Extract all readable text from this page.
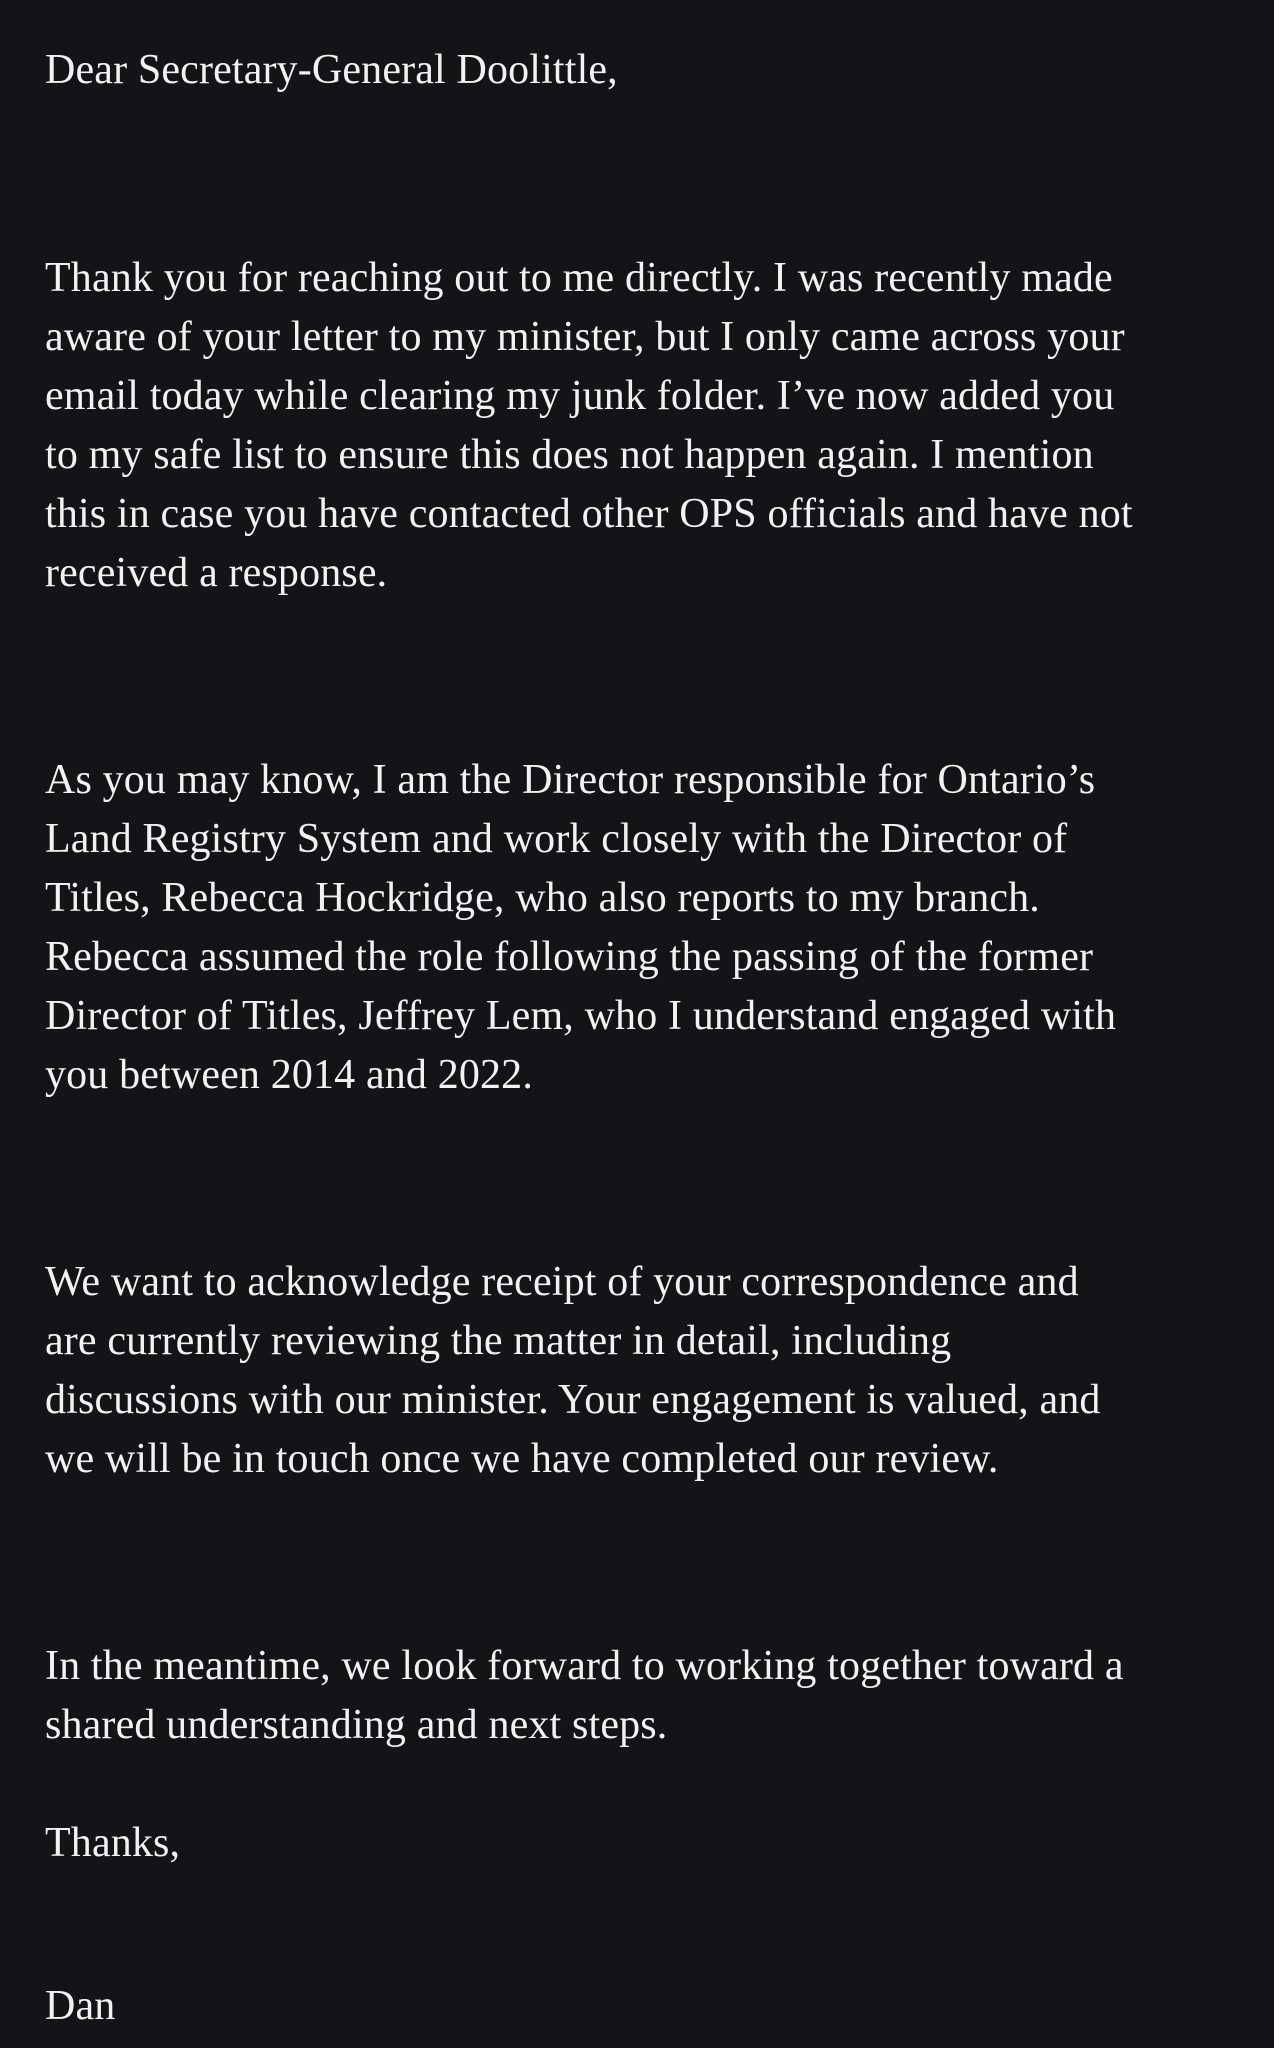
Dear Secretary-General Doolittle,

Thank you for reaching out to me directly. I was recently made

aware of your letter to my minister, but I only came across your

email today while clearing my junk folder. I’ve now added you

to my safe list to ensure this does not happen again. I mention

this in case you have contacted other OPS officials and have not

received a response.

As you may know, I am the Director responsible for Ontario’s

Land Registry System and work closely with the Director of

Titles, Rebecca Hockridge, who also reports to my branch.

Rebecca assumed the role following the passing of the former

Director of Titles, Jeffrey Lem, who I understand engaged with

you between 2014 and 2022.

We want to acknowledge receipt of your correspondence and

are currently reviewing the matter in detail, including

discussions with our minister. Your engagement is valued, and

we will be in touch once we have completed our review.

In the meantime, we look forward to working together toward a

shared understanding and next steps.

Thanks,

Dan
